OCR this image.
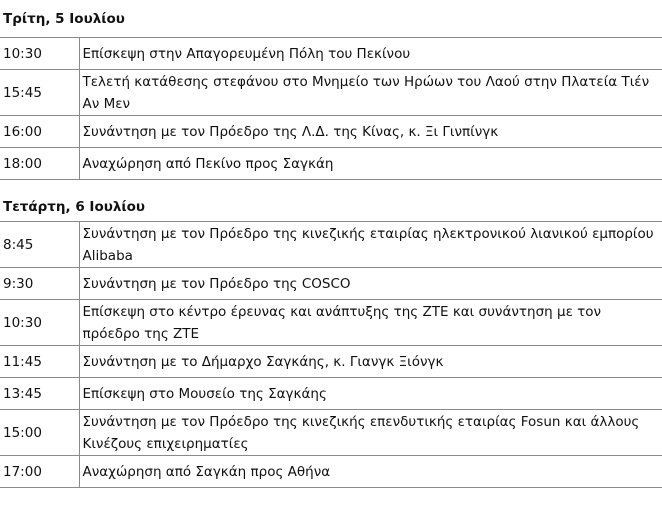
Τρίτη, 5 Ιουλίου	
10:30	Επίσκεψη στην Απαγορευμένη Πόλη του Πεκίνου
15:45	Τελετή κατάθεσης στεφάνου στο Μνημείο των Ηρώων του Λαού στην Πλατεία Τιέν Αν Μεν
16:00	Συνάντηση με τον Πρόεδρο της Λ.Δ. της Κίνας, κ. Ξι Γινπίνγκ
18:00	Αναχώρηση από Πεκίνο προς Σαγκάη
Τετάρτη, 6 Ιουλίου	
8:45	Συνάντηση με τον Πρόεδρο της κινεζικής εταιρίας ηλεκτρονικού λιανικού εμπορίου Alibaba
9:30	Συνάντηση με τον Πρόεδρο της COSCO
10:30	Επίσκεψη στο κέντρο έρευνας και ανάπτυξης της ZTE και συνάντηση με τον πρόεδρο της ZTE
11:45	Συνάντηση με το Δήμαρχο Σαγκάης, κ. Γιανγκ Ξιόνγκ
13:45	Επίσκεψη στο Μουσείο της Σαγκάης
15:00	Συνάντηση με τον Πρόεδρο της κινεζικής επενδυτικής εταιρίας Fosun και άλλους Κινέζους επιχειρηματίες
17:00	Αναχώρηση από Σαγκάη προς Αθήνα
